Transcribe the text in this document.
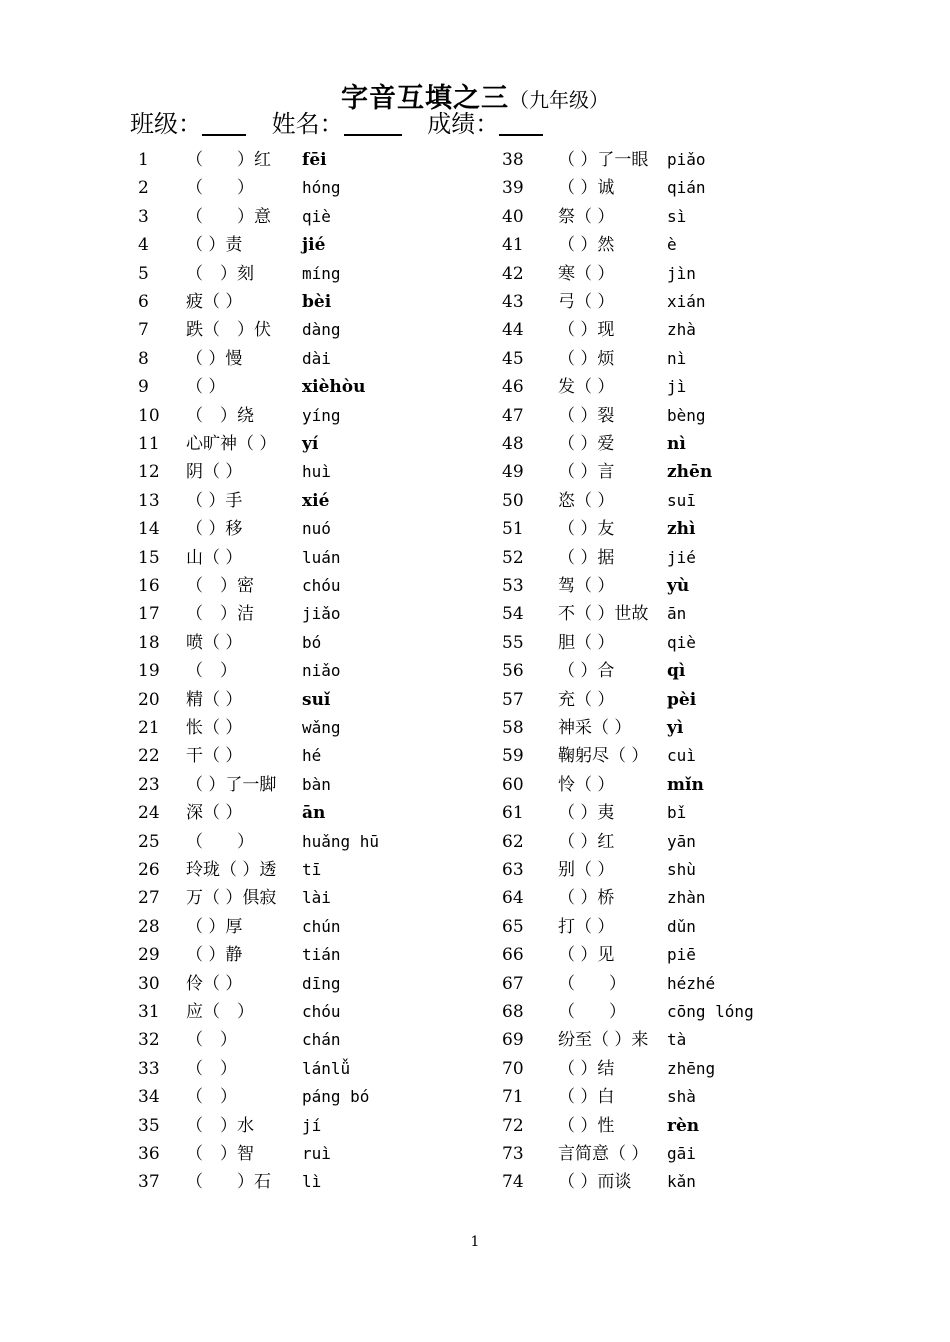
字音互填之三（九年级）
班级：	姓名：	成绩：
1 （　　）红 fēi
2 （　　）	hóng
3 （　　）意 qiè
4 （ ）责	jié
5 （　）刻	míng
6 疲（ ）	bèi
7 跌（　）伏 dàng
8 （ ）慢	dài
9 （ ）	xièhòu
10 （　）绕	yíng
11 心旷神（ ） yí
12 阴（ ）	huì
13 （ ）手	xié
14 （ ）移	nuó
15 山（ ）	luán
16 （　）密	chóu
17 （　）洁	jiǎo
18 喷（ ）	bó
19 （　）	niǎo
20 精（ ）	suǐ
21 怅（ ）	wǎng
22 干（ ）	hé
23 （ ）了一脚 bàn
24 深（ ）	ān
25 （　　）	huǎng hū
26 玲珑（ ）透 tī
27 万（ ）俱寂 lài
28 （ ）厚	chún
29 （ ）静	tián
30 伶（ ）	dīng
31 应（　）	chóu
32 （　）	chán
33 （　）	lánlǚ
34 （　）	páng bó
35 （　）水	jí
36 （　）智	ruì
37 （　　）石 lì
38 （ ）了一眼 piǎo
39 （ ）诚	qián
40 祭（ ）	sì
41 （ ）然	è
42 寒（ ）	jìn
43 弓（ ）	xián
44 （ ）现	zhà
45 （ ）烦	nì
46 发（ ）	jì
47 （ ）裂	bèng
48 （ ）爱	nì
49 （ ）言	zhēn
50 恣（ ）	suī
51 （ ）友	zhì
52 （ ）据	jié
53 驾（ ）	yù
54 不（ ）世故 ān
55 胆（ ）	qiè
56 （ ）合	qì
57 充（ ）	pèi
58 神采（ ） yì
59 鞠躬尽（ ） cuì
60 怜（ ）	mǐn
61 （ ）夷	bǐ
62 （ ）红	yān
63 别（ ）	shù
64 （ ）桥	zhàn
65 打（ ）	dǔn
66 （ ）见	piē
67 （　　）	hézhé
68 （　　）	cōng lóng
69 纷至（ ）来 tà
70 （ ）结	zhēng
71 （ ）白	shà
72 （ ）性	rèn
73 言简意（ ） gāi
74 （ ）而谈 kǎn
1
